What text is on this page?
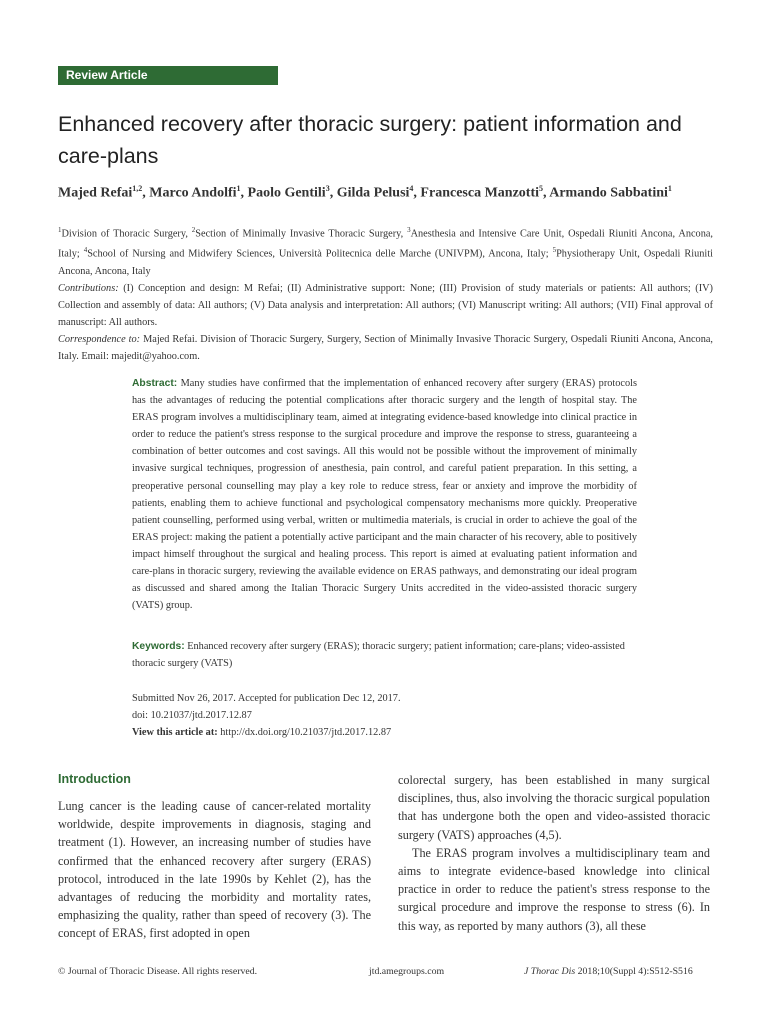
Review Article
Enhanced recovery after thoracic surgery: patient information and care-plans
Majed Refai$^{1,2}$, Marco Andolfi$^1$, Paolo Gentili$^3$, Gilda Pelusi$^4$, Francesca Manzotti$^5$, Armando Sabbatini$^1$

$^1$Division of Thoracic Surgery, $^2$Section of Minimally Invasive Thoracic Surgery, $^3$Anesthesia and Intensive Care Unit, Ospedali Riuniti Ancona, Ancona, Italy; $^4$School of Nursing and Midwifery Sciences, Università Politecnica delle Marche (UNIVPM), Ancona, Italy; $^5$Physiotherapy Unit, Ospedali Riuniti Ancona, Ancona, Italy

Contributions: (I) Conception and design: M Refai; (II) Administrative support: None; (III) Provision of study materials or patients: All authors; (IV) Collection and assembly of data: All authors; (V) Data analysis and interpretation: All authors; (VI) Manuscript writing: All authors; (VII) Final approval of manuscript: All authors.

Correspondence to: Majed Refai. Division of Thoracic Surgery, Surgery, Section of Minimally Invasive Thoracic Surgery, Ospedali Riuniti Ancona, Ancona, Italy. Email: majedit@yahoo.com.

Abstract: Many studies have confirmed that the implementation of enhanced recovery after surgery (ERAS) protocols has the advantages of reducing the potential complications after thoracic surgery and the length of hospital stay. The ERAS program involves a multidisciplinary team, aimed at integrating evidence-based knowledge into clinical practice in order to reduce the patient's stress response to the surgical procedure and improve the response to stress, guaranteeing a combination of better outcomes and cost savings. All this would not be possible without the improvement of minimally invasive surgical techniques, progression of anesthesia, pain control, and careful patient preparation. In this setting, a preoperative personal counselling may play a key role to reduce stress, fear or anxiety and improve the morbidity of patients, enabling them to achieve functional and psychological compensatory mechanisms more quickly. Preoperative patient counselling, performed using verbal, written or multimedia materials, is crucial in order to achieve the goal of the ERAS project: making the patient a potentially active participant and the main character of his recovery, able to positively impact himself throughout the surgical and healing process. This report is aimed at evaluating patient information and care-plans in thoracic surgery, reviewing the available evidence on ERAS pathways, and demonstrating our ideal program as discussed and shared among the Italian Thoracic Surgery Units accredited in the video-assisted thoracic surgery (VATS) group.

Keywords: Enhanced recovery after surgery (ERAS); thoracic surgery; patient information; care-plans; video-assisted thoracic surgery (VATS)

Submitted Nov 26, 2017. Accepted for publication Dec 12, 2017.
doi: 10.21037/jtd.2017.12.87
View this article at: http://dx.doi.org/10.21037/jtd.2017.12.87
Introduction

Lung cancer is the leading cause of cancer-related mortality worldwide, despite improvements in diagnosis, staging and treatment (1). However, an increasing number of studies have confirmed that the enhanced recovery after surgery (ERAS) protocol, introduced in the late 1990s by Kehlet (2), has the advantages of reducing the morbidity and mortality rates, emphasizing the quality, rather than speed of recovery (3). The concept of ERAS, first adopted in open

colorectal surgery, has been established in many surgical disciplines, thus, also involving the thoracic surgical population that has undergone both the open and video-assisted thoracic surgery (VATS) approaches (4,5).

The ERAS program involves a multidisciplinary team and aims to integrate evidence-based knowledge into clinical practice in order to reduce the patient's stress response to the surgical procedure and improve the response to stress (6). In this way, as reported by many authors (3), all these

© Journal of Thoracic Disease. All rights reserved.	jtd.amegroups.com	J Thorac Dis 2018;10(Suppl 4):S512-S516
